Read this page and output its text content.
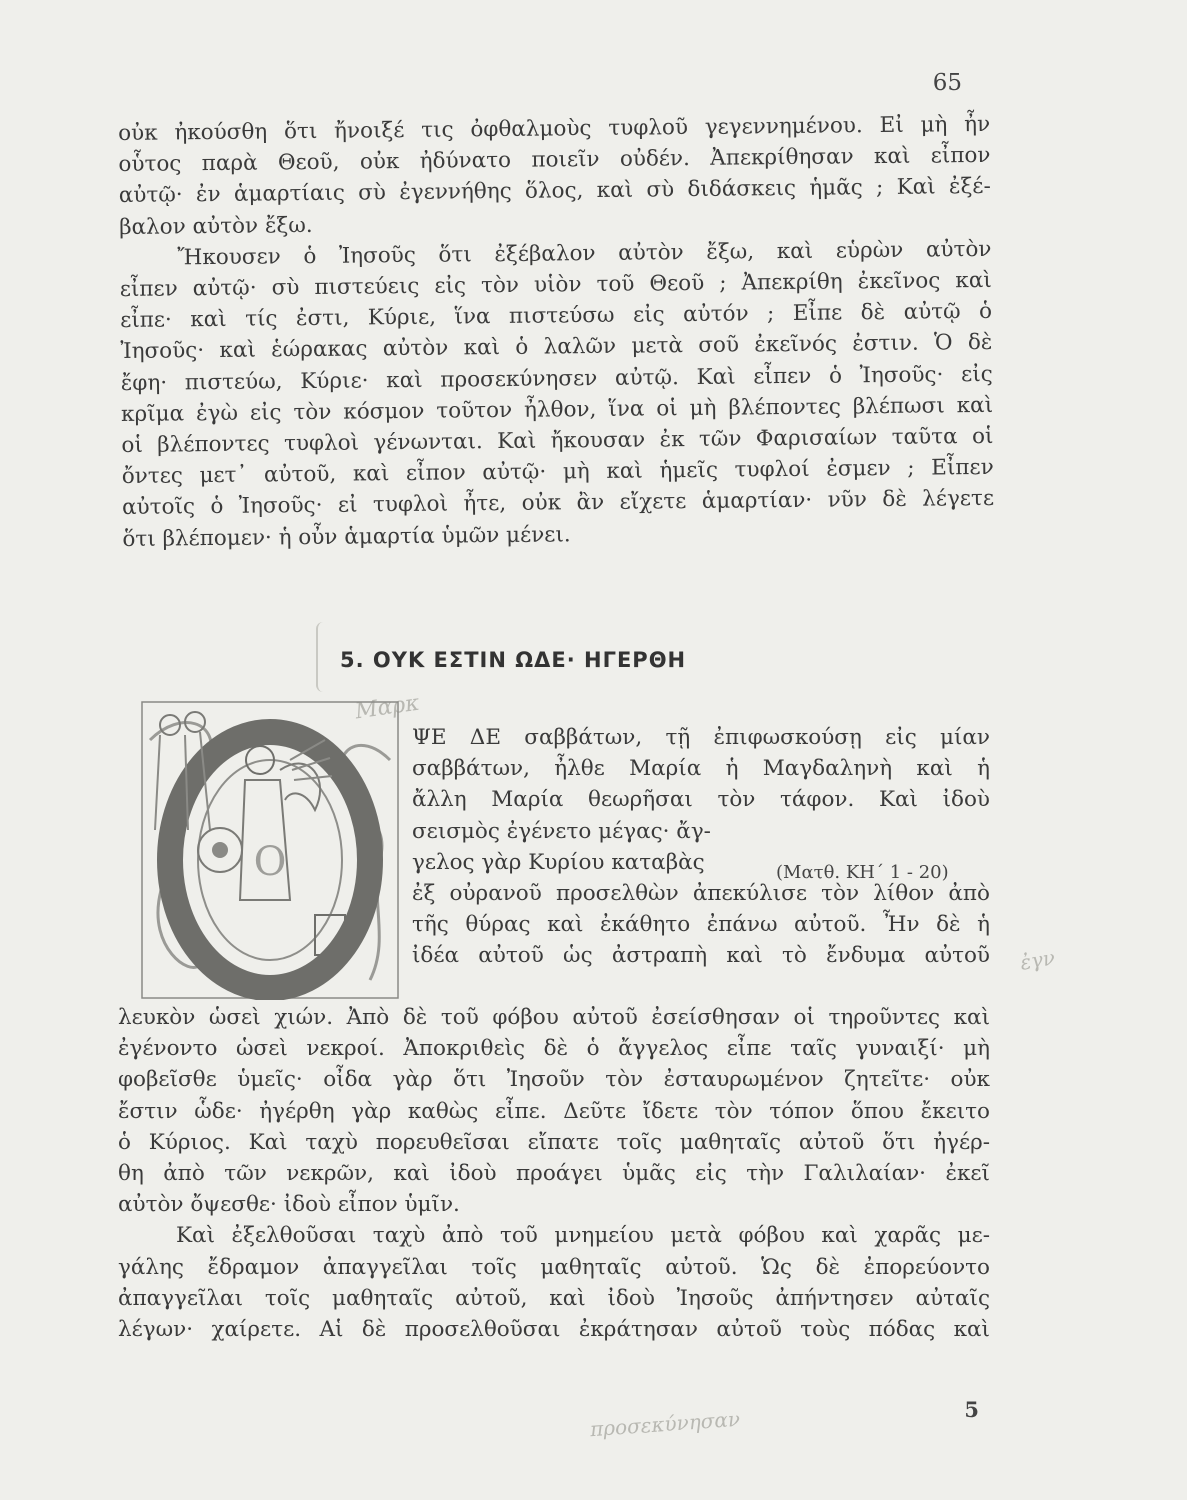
65
οὐκ ἠκούσθη ὅτι ἤνοιξέ τις ὀφθαλμοὺς τυφλοῦ γεγεννημένου. Εἰ μὴ ἦν
οὗτος παρὰ Θεοῦ, οὐκ ἠδύνατο ποιεῖν οὐδέν. Ἀπεκρίθησαν καὶ εἶπον
αὐτῷ· ἐν ἁμαρτίαις σὺ ἐγεννήθης ὅλος, καὶ σὺ διδάσκεις ἡμᾶς ; Καὶ ἐξέ-
βαλον αὐτὸν ἔξω.
Ἤκουσεν ὁ Ἰησοῦς ὅτι ἐξέβαλον αὐτὸν ἔξω, καὶ εὑρὼν αὐτὸν
εἶπεν αὐτῷ· σὺ πιστεύεις εἰς τὸν υἱὸν τοῦ Θεοῦ ; Ἀπεκρίθη ἐκεῖνος καὶ
εἶπε· καὶ τίς ἐστι, Κύριε, ἵνα πιστεύσω εἰς αὐτόν ; Εἶπε δὲ αὐτῷ ὁ
Ἰησοῦς· καὶ ἑώρακας αὐτὸν καὶ ὁ λαλῶν μετὰ σοῦ ἐκεῖνός ἐστιν. Ὁ δὲ
ἔφη· πιστεύω, Κύριε· καὶ προσεκύνησεν αὐτῷ. Καὶ εἶπεν ὁ Ἰησοῦς· εἰς
κρῖμα ἐγὼ εἰς τὸν κόσμον τοῦτον ἦλθον, ἵνα οἱ μὴ βλέποντες βλέπωσι καὶ
οἱ βλέποντες τυφλοὶ γένωνται. Καὶ ἤκουσαν ἐκ τῶν Φαρισαίων ταῦτα οἱ
ὄντες μετ᾽ αὐτοῦ, καὶ εἶπον αὐτῷ· μὴ καὶ ἡμεῖς τυφλοί ἐσμεν ; Εἶπεν
αὐτοῖς ὁ Ἰησοῦς· εἰ τυφλοὶ ἦτε, οὐκ ἂν εἴχετε ἁμαρτίαν· νῦν δὲ λέγετε
ὅτι βλέπομεν· ἡ οὖν ἁμαρτία ὑμῶν μένει.
5. ΟΥΚ ΕΣΤΙΝ ΩΔΕ· ΗΓΕΡΘΗ
Μαρκ
Ο
ΨΕ ΔΕ σαββάτων, τῇ ἐπιφωσκούσῃ εἰς μίαν
σαββάτων, ἦλθε Μαρία ἡ Μαγδαληνὴ καὶ ἡ
ἄλλη Μαρία θεωρῆσαι τὸν τάφον. Καὶ ἰδοὺ
σεισμὸς ἐγένετο μέγας· ἄγ-
γελος γὰρ Κυρίου καταβὰς
ἐξ οὐρανοῦ προσελθὼν ἀπεκύλισε τὸν λίθον ἀπὸ
τῆς θύρας καὶ ἐκάθητο ἐπάνω αὐτοῦ. Ἦν δὲ ἡ
ἰδέα αὐτοῦ ὡς ἀστραπὴ καὶ τὸ ἔνδυμα αὐτοῦ
(Ματθ. ΚΗ΄ 1 - 20)
ἐγν
λευκὸν ὡσεὶ χιών. Ἀπὸ δὲ τοῦ φόβου αὐτοῦ ἐσείσθησαν οἱ τηροῦντες καὶ
ἐγένοντο ὡσεὶ νεκροί. Ἀποκριθεὶς δὲ ὁ ἄγγελος εἶπε ταῖς γυναιξί· μὴ
φοβεῖσθε ὑμεῖς· οἶδα γὰρ ὅτι Ἰησοῦν τὸν ἐσταυρωμένον ζητεῖτε· οὐκ
ἔστιν ὧδε· ἠγέρθη γὰρ καθὼς εἶπε. Δεῦτε ἴδετε τὸν τόπον ὅπου ἔκειτο
ὁ Κύριος. Καὶ ταχὺ πορευθεῖσαι εἴπατε τοῖς μαθηταῖς αὐτοῦ ὅτι ἠγέρ-
θη ἀπὸ τῶν νεκρῶν, καὶ ἰδοὺ προάγει ὑμᾶς εἰς τὴν Γαλιλαίαν· ἐκεῖ
αὐτὸν ὄψεσθε· ἰδοὺ εἶπον ὑμῖν.
Καὶ ἐξελθοῦσαι ταχὺ ἀπὸ τοῦ μνημείου μετὰ φόβου καὶ χαρᾶς με-
γάλης ἔδραμον ἀπαγγεῖλαι τοῖς μαθηταῖς αὐτοῦ. Ὡς δὲ ἐπορεύοντο
ἀπαγγεῖλαι τοῖς μαθηταῖς αὐτοῦ, καὶ ἰδοὺ Ἰησοῦς ἀπήντησεν αὐταῖς
λέγων· χαίρετε. Αἱ δὲ προσελθοῦσαι ἐκράτησαν αὐτοῦ τοὺς πόδας καὶ
προσεκύνησαν	5
